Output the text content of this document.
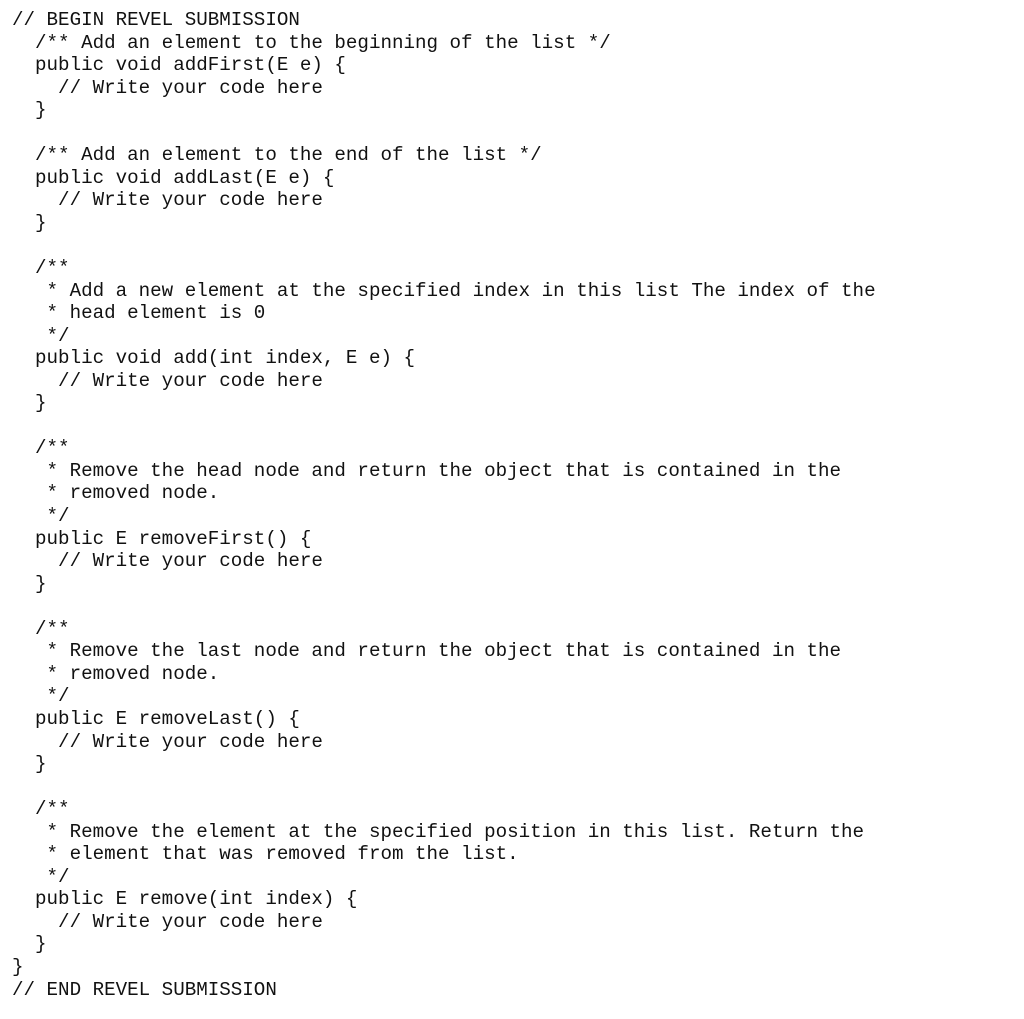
// BEGIN REVEL SUBMISSION
/** Add an element to the beginning of the list */
public void addFirst(E e) {
// Write your code here
}
/** Add an element to the end of the list */
public void addLast(E e) {
// Write your code here
}
/**
* Add a new element at the specified index in this list The index of the
* head element is 0
*/
public void add(int index, E e) {
// Write your code here
}
/**
* Remove the head node and return the object that is contained in the
* removed node.
*/
public E removeFirst() {
// Write your code here
}
/**
* Remove the last node and return the object that is contained in the
* removed node.
*/
public E removeLast() {
// Write your code here
}
/**
* Remove the element at the specified position in this list. Return the
* element that was removed from the list.
*/
public E remove(int index) {
// Write your code here
}
}
// END REVEL SUBMISSION
